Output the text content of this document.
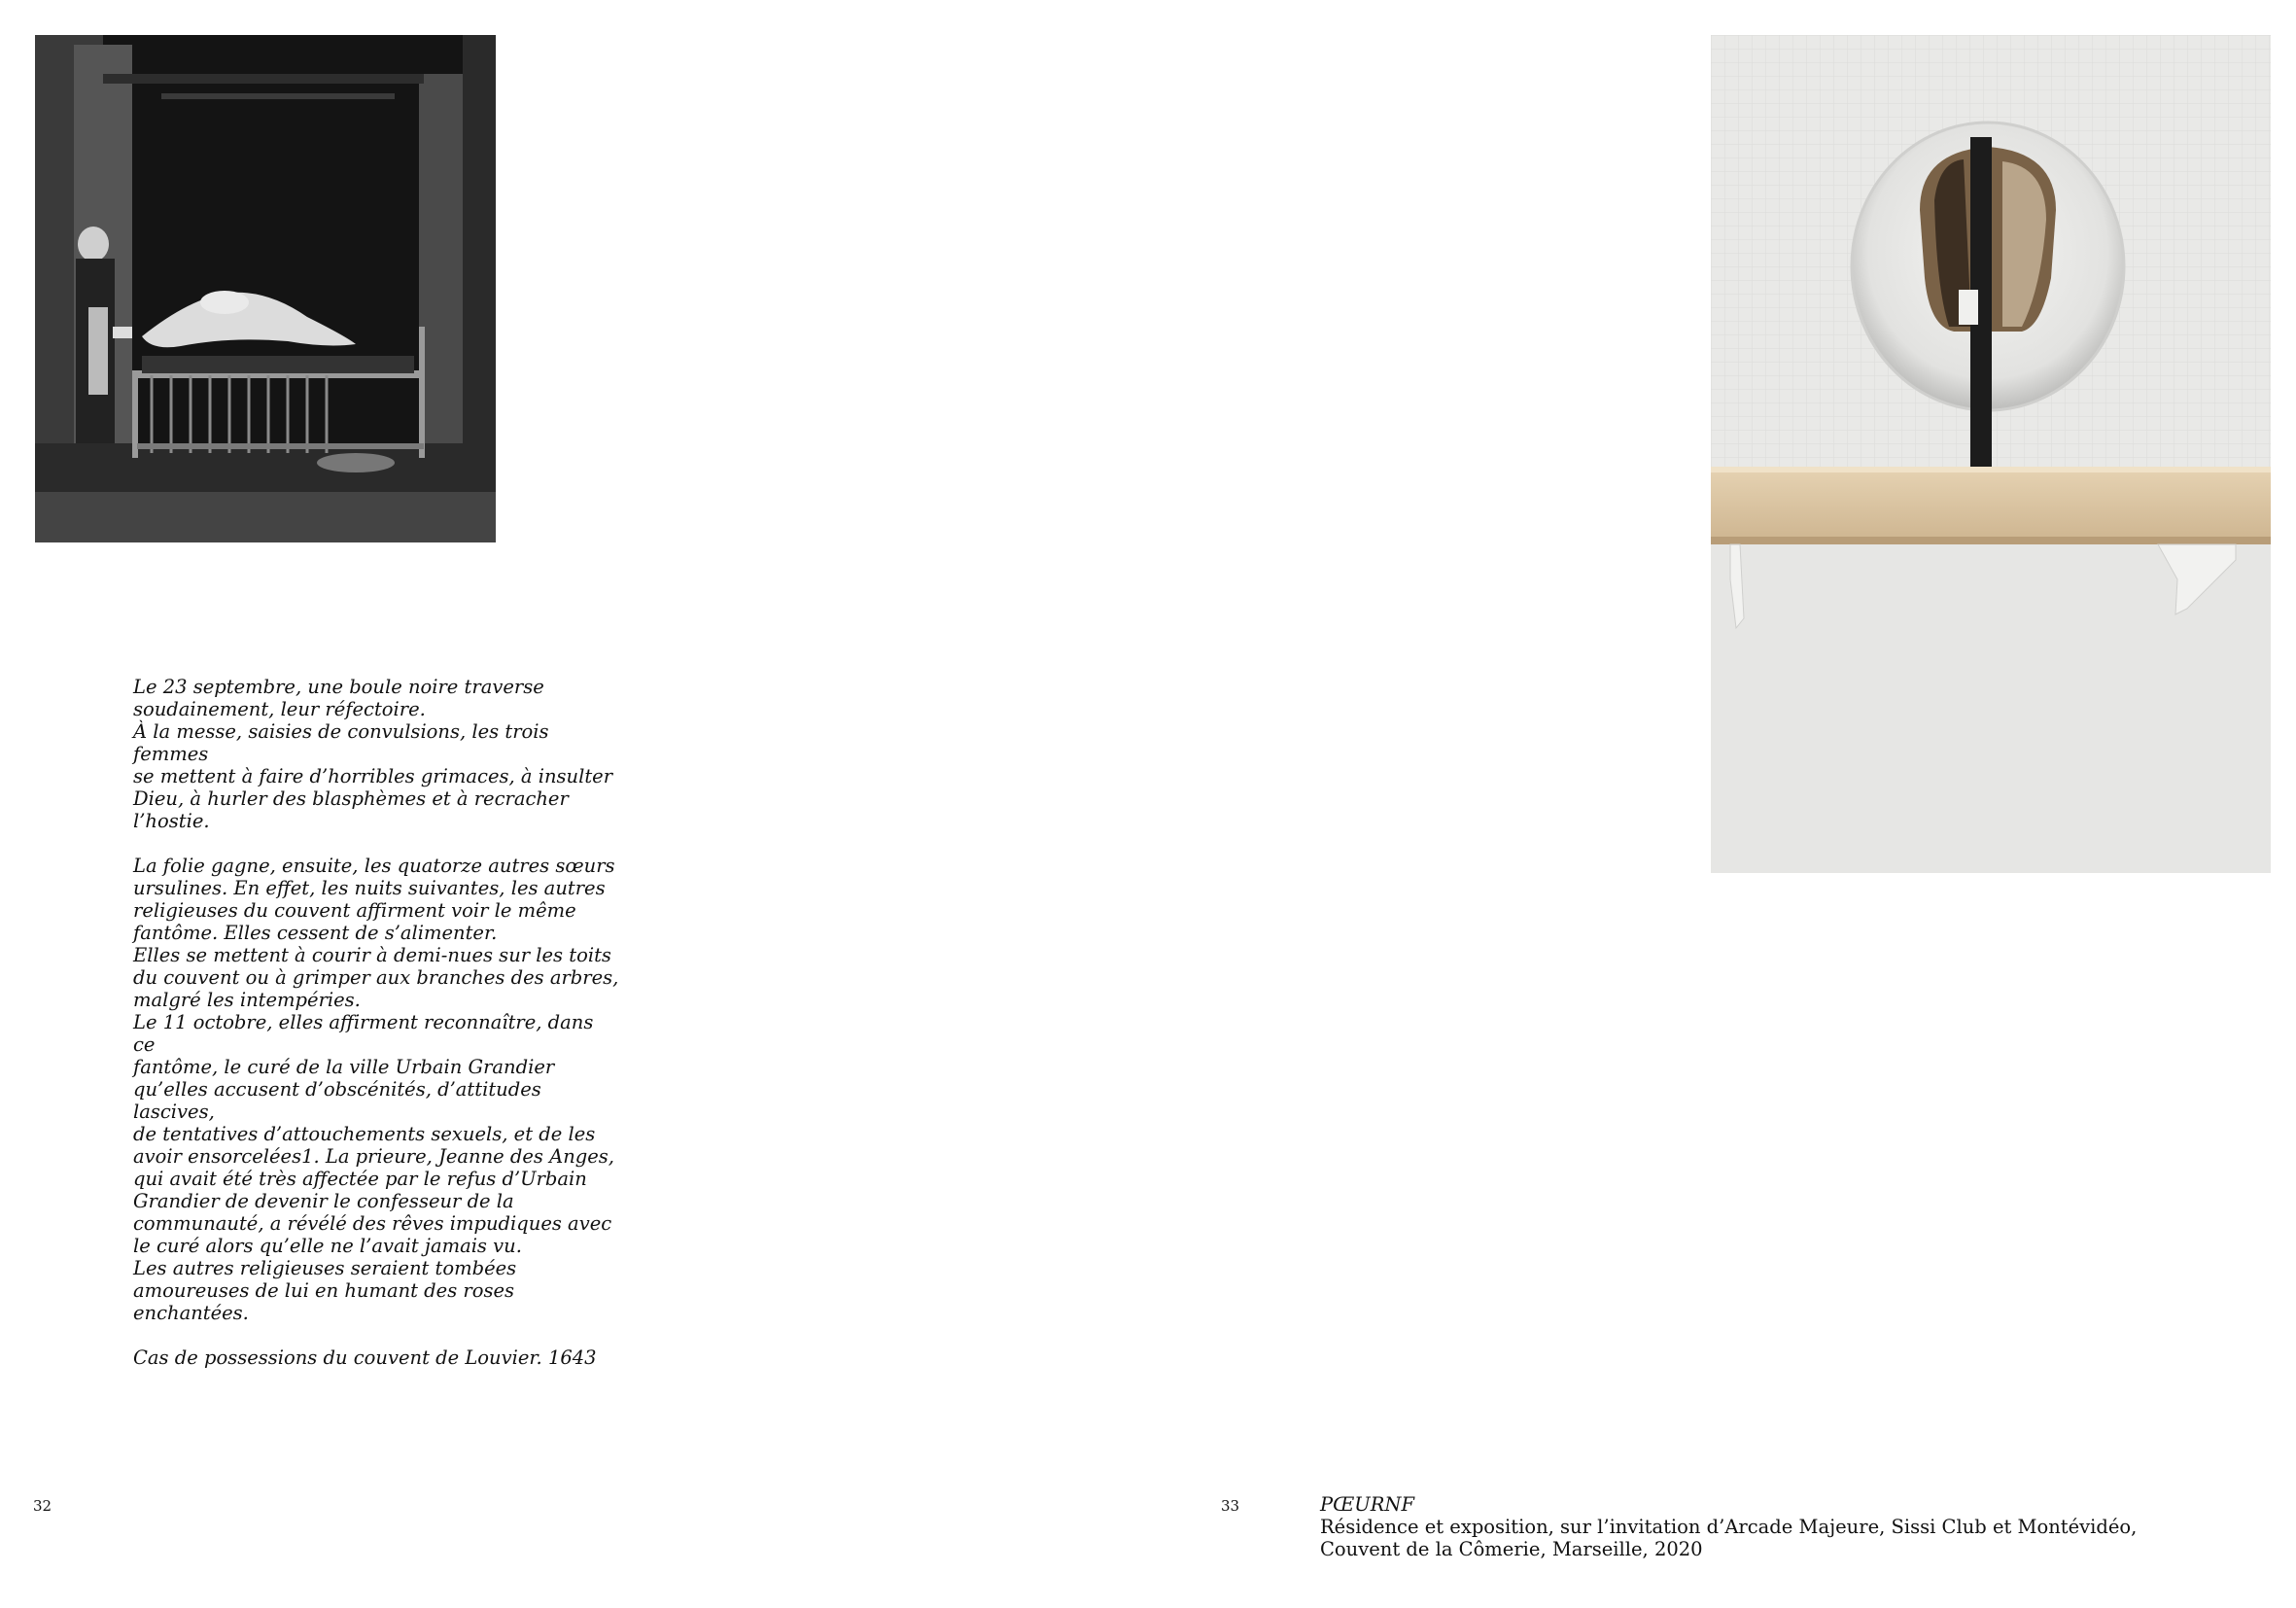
Le 23 septembre, une boule noire traverse
soudainement, leur réfectoire.
À la messe, saisies de convulsions, les trois femmes
se mettent à faire d’horribles grimaces, à insulter
Dieu, à hurler des blasphèmes et à recracher
l’hostie.

La folie gagne, ensuite, les quatorze autres sœurs
ursulines. En effet, les nuits suivantes, les autres
religieuses du couvent affirment voir le même
fantôme. Elles cessent de s’alimenter.
Elles se mettent à courir à demi-nues sur les toits
du couvent ou à grimper aux branches des arbres,
malgré les intempéries.
Le 11 octobre, elles affirment reconnaître, dans ce
fantôme, le curé de la ville Urbain Grandier
qu’elles accusent d’obscénités, d’attitudes lascives,
de tentatives d’attouchements sexuels, et de les
avoir ensorcelées1. La prieure, Jeanne des Anges,
qui avait été très affectée par le refus d’Urbain
Grandier de devenir le confesseur de la
communauté, a révélé des rêves impudiques avec
le curé alors qu’elle ne l’avait jamais vu.
Les autres religieuses seraient tombées
amoureuses de lui en humant des roses
enchantées.

Cas de possessions du couvent de Louvier. 1643

32	33	PŒURNF
Résidence et exposition, sur l’invitation d’Arcade Majeure, Sissi Club et Montévidéo,
Couvent de la Cômerie, Marseille, 2020
